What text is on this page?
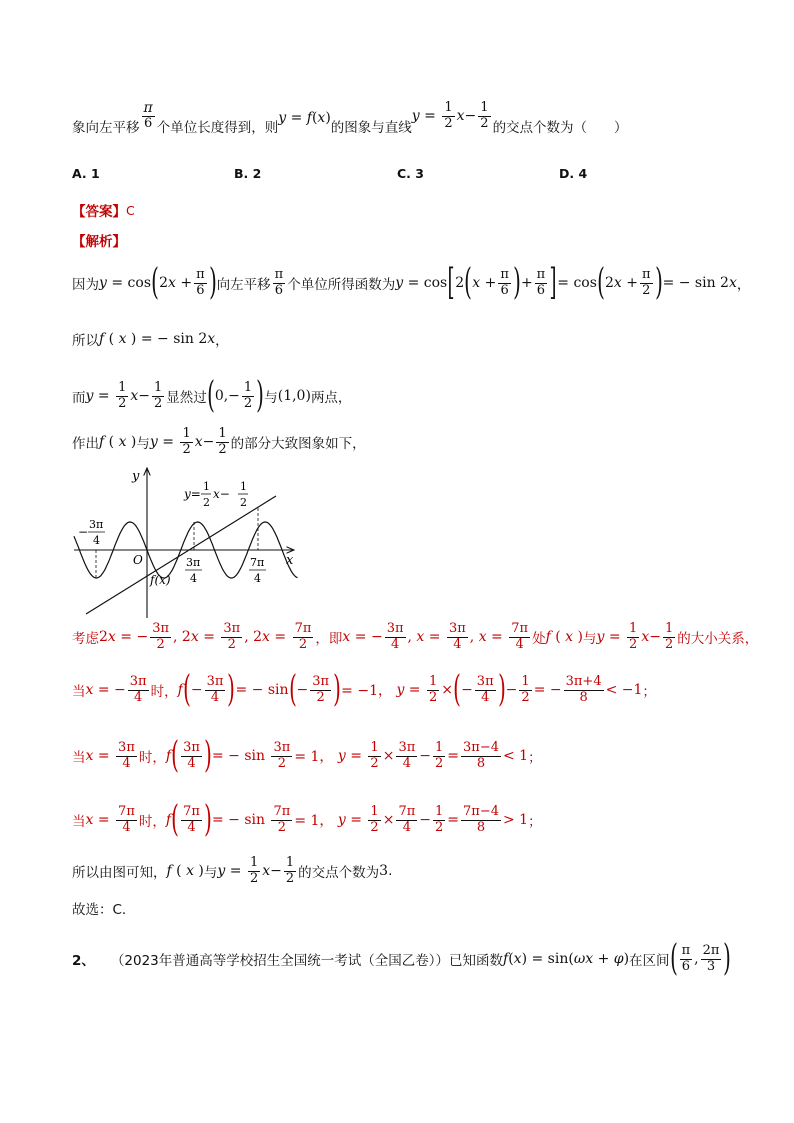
象向左平移 $\frac{\pi}{6}$ 个单位长度得到，则
y = f ( x )
的图象与直线
$y = \frac{1}{2}$ $x - \frac{1}{2}$ 的交点个数为（　　）
A. 1	B. 2	C. 3	D. 4
【答案】 C
【解析】
因为 y = cos ( 2 $x + \frac{\pi}{6}$ ) 向左平移 $\frac{\pi}{6}$ 个单位所得函数为 y = cos [ 2 ( $x + \frac{\pi}{6}$ ) + $\frac{\pi}{6}$ ] = cos ( 2 $x + \frac{\pi}{2}$ ) = − sin 2 x ，
所以 f ( x ) = − sin 2 x ，
而 $y = \frac{1}{2}$ $x - \frac{1}{2}$ 显然过 ( $0,- \frac{1}{2}$ ) 与 (1,0) 两点，
作出 f ( x ) 与 $y = \frac{1}{2}$ $x - \frac{1}{2}$ 的部分大致图象如下，
y
x
O
y=
1
2
x−
1
2
−
3π
4
3π
4
7π
4
f(x)
考虑 2 x = − $\frac{3\pi}{2}$ , 2 $x = \frac{3\pi}{2}$ , 2 $x = \frac{7\pi}{2}$ ，即 x = − $\frac{3\pi}{4}$ , $x = \frac{3\pi}{4}$ , $x = \frac{7\pi}{4}$ 处 f ( x ) 与 $y = \frac{1}{2}$ $x - \frac{1}{2}$ 的大小关系，
当 x = − $\frac{3\pi}{4}$ 时， f ( − $\frac{3\pi}{4}$ ) = − sin ( − $\frac{3\pi}{2}$ ) = −1， $y = \frac{1}{2}$ × ( − $\frac{3\pi}{4}$ ) − $\frac{1}{2}$ = − $\frac{3\pi+4}{8} < -1$ ；
当 $x = \frac{3\pi}{4}$ 时， f ( $\frac{3\pi}{4}$ ) = − $\sin \frac{3\pi}{2} = 1$， $y = \frac{1}{2} \times \frac{3\pi}{4} - \frac{1}{2} = \frac{3\pi-4}{8} < 1$ ；
当 $x = \frac{7\pi}{4}$ 时， f ( $\frac{7\pi}{4}$ ) = − $\sin \frac{7\pi}{2} = 1$， $y = \frac{1}{2} \times \frac{7\pi}{4} - \frac{1}{2} = \frac{7\pi-4}{8} > 1$ ；
所以由图可知， f ( x ) 与 $y = \frac{1}{2}$ $x - \frac{1}{2}$ 的交点个数为 3 .
故选：C.
2、 （2023年普通高等学校招生全国统一考试（全国乙卷））已知函数 f ( x ) = sin( ωx + φ ) 在区间 ( $\frac{\pi}{6}$ , $\frac{2\pi}{3}$ )
